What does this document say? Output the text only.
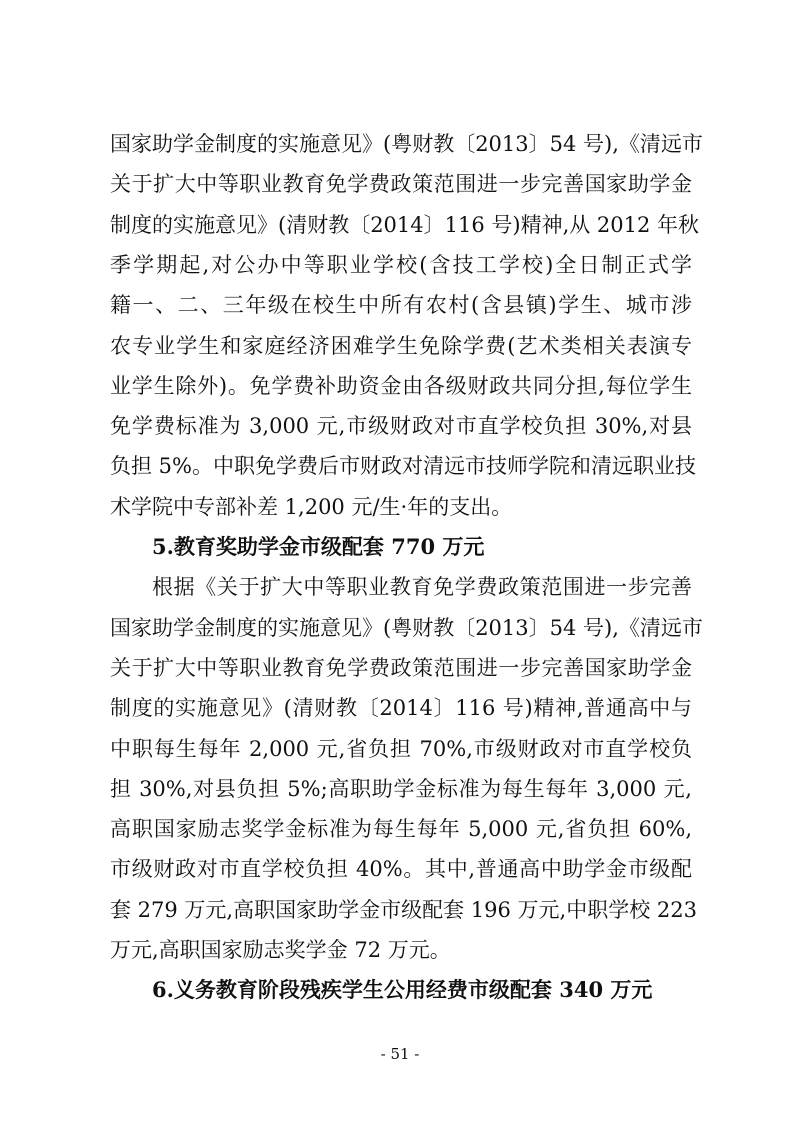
国家助学金制度的实施意见》(粤财教〔2013〕54 号),《清远市
关于扩大中等职业教育免学费政策范围进一步完善国家助学金
制度的实施意见》(清财教〔2014〕116 号)精神,从 2012 年秋
季学期起,对公办中等职业学校(含技工学校)全日制正式学
籍一、二、三年级在校生中所有农村(含县镇)学生、城市涉
农专业学生和家庭经济困难学生免除学费(艺术类相关表演专
业学生除外)。免学费补助资金由各级财政共同分担,每位学生
免学费标准为 3,000 元,市级财政对市直学校负担 30%,对县
负担 5%。中职免学费后市财政对清远市技师学院和清远职业技
术学院中专部补差 1,200 元/生·年的支出。
5.教育奖助学金市级配套 770 万元
根据《关于扩大中等职业教育免学费政策范围进一步完善
国家助学金制度的实施意见》(粤财教〔2013〕54 号),《清远市
关于扩大中等职业教育免学费政策范围进一步完善国家助学金
制度的实施意见》(清财教〔2014〕116 号)精神,普通高中与
中职每生每年 2,000 元,省负担 70%,市级财政对市直学校负
担 30%,对县负担 5%;高职助学金标准为每生每年 3,000 元,
高职国家励志奖学金标准为每生每年 5,000 元,省负担 60%,
市级财政对市直学校负担 40%。其中,普通高中助学金市级配
套 279 万元,高职国家助学金市级配套 196 万元,中职学校 223
万元,高职国家励志奖学金 72 万元。
6.义务教育阶段残疾学生公用经费市级配套 340 万元
- 51 -
